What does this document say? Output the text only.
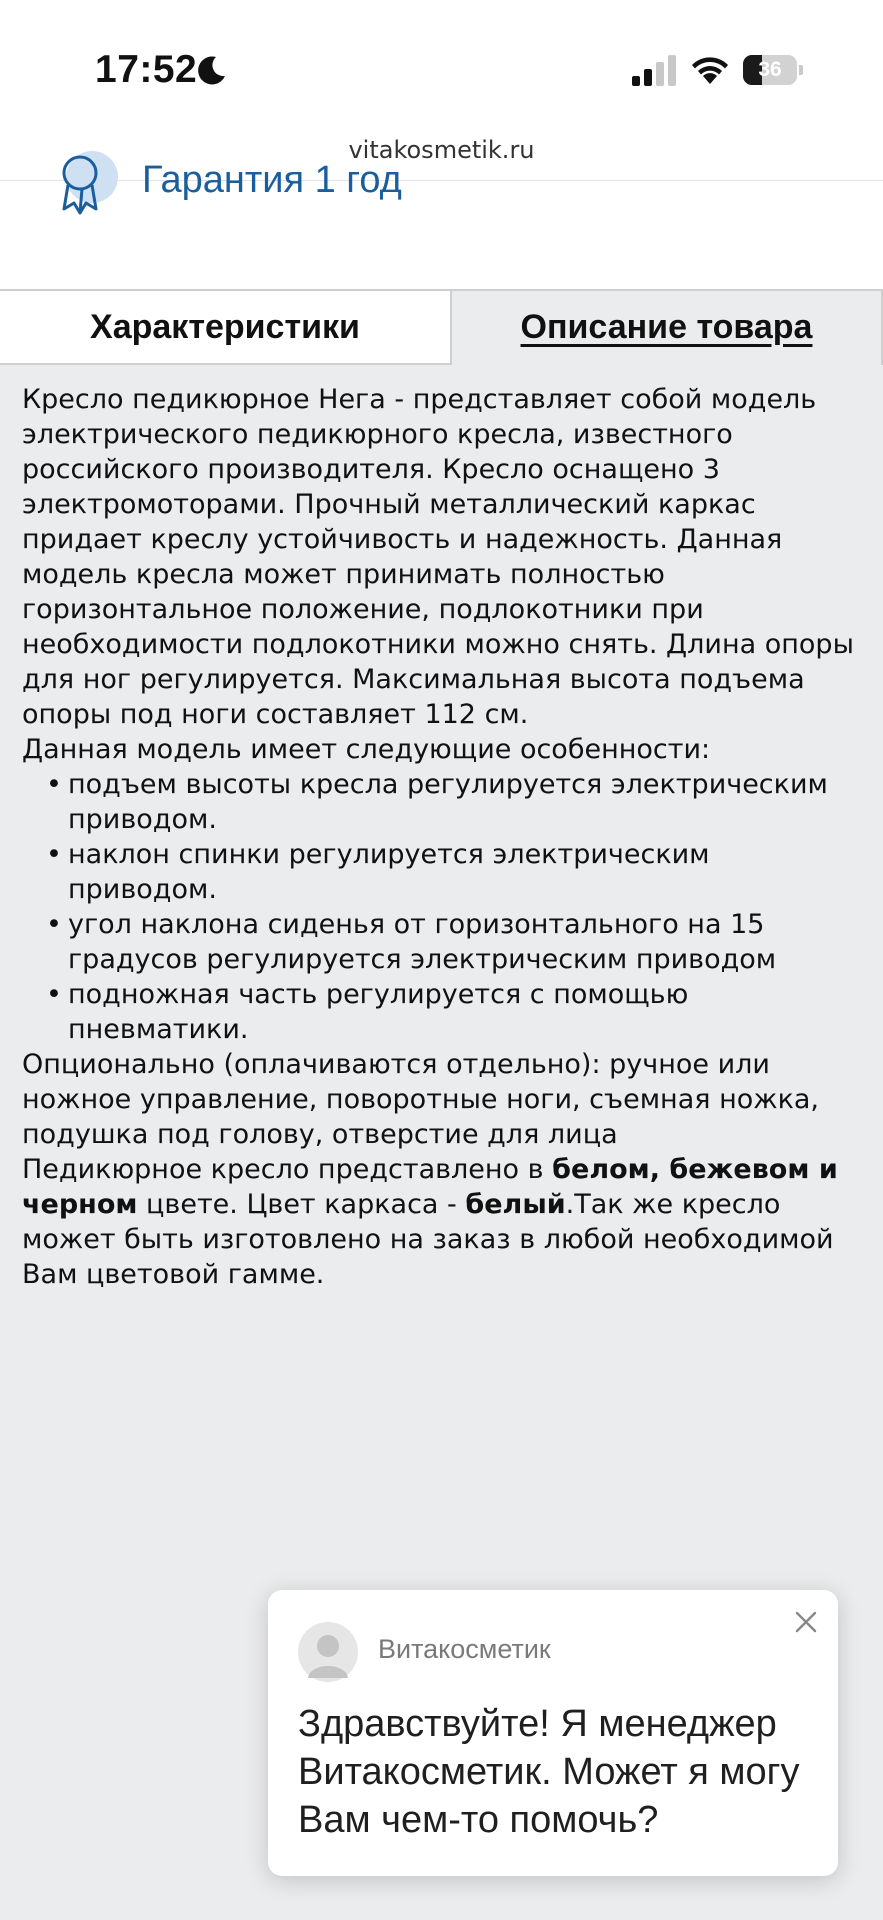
17:52	36
vitakosmetik.ru
Гарантия 1 год
Характеристики	Описание товара

Кресло педикюрное Нега - представляет собой модель электрического педикюрного кресла, известного российского производителя. Кресло оснащено 3 электромоторами. Прочный металлический каркас придает креслу устойчивость и надежность. Данная модель кресла может принимать полностью горизонтальное положение, подлокотники при необходимости подлокотники можно снять. Длина опоры для ног регулируется. Максимальная высота подъема опоры под ноги составляет 112 см.

Данная модель имеет следующие особенности:

• подъем высоты кресла регулируется электрическим приводом.
• наклон спинки регулируется электрическим приводом.
• угол наклона сиденья от горизонтального на 15 градусов регулируется электрическим приводом
• подножная часть регулируется с помощью пневматики.

Опционально (оплачиваются отдельно): ручное или ножное управление, поворотные ноги, съемная ножка, подушка под голову, отверстие для лица

Педикюрное кресло представлено в белом, бежевом и черном цвете. Цвет каркаса - белый.Так же кресло может быть изготовлено на заказ в любой необходимой Вам цветовой гамме.

Витакосметик
Здравствуйте! Я менеджер Витакосметик. Может я могу Вам чем-то помочь?
